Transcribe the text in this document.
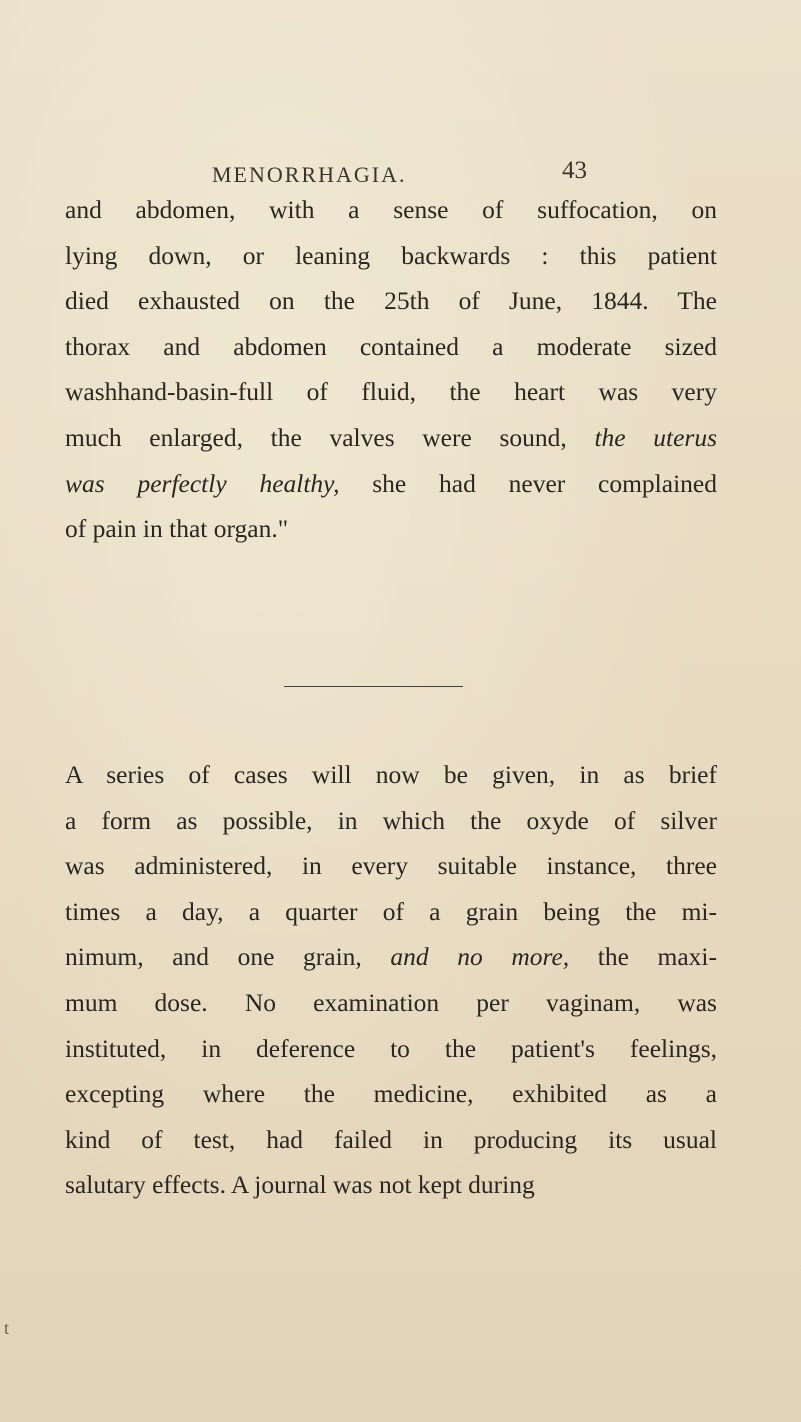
MENORRHAGIA.	43
and abdomen, with a sense of suffocation, on
lying down, or leaning backwards : this patient
died exhausted on the 25th of June, 1844. The
thorax and abdomen contained a moderate sized
washhand-basin-full of fluid, the heart was very
much enlarged, the valves were sound, the uterus
was perfectly healthy, she had never complained
of pain in that organ."
A series of cases will now be given, in as brief
a form as possible, in which the oxyde of silver
was administered, in every suitable instance, three
times a day, a quarter of a grain being the mi-
nimum, and one grain, and no more, the maxi-
mum dose. No examination per vaginam, was
instituted, in deference to the patient's feelings,
excepting where the medicine, exhibited as a
kind of test, had failed in producing its usual
salutary effects. A journal was not kept during
t
